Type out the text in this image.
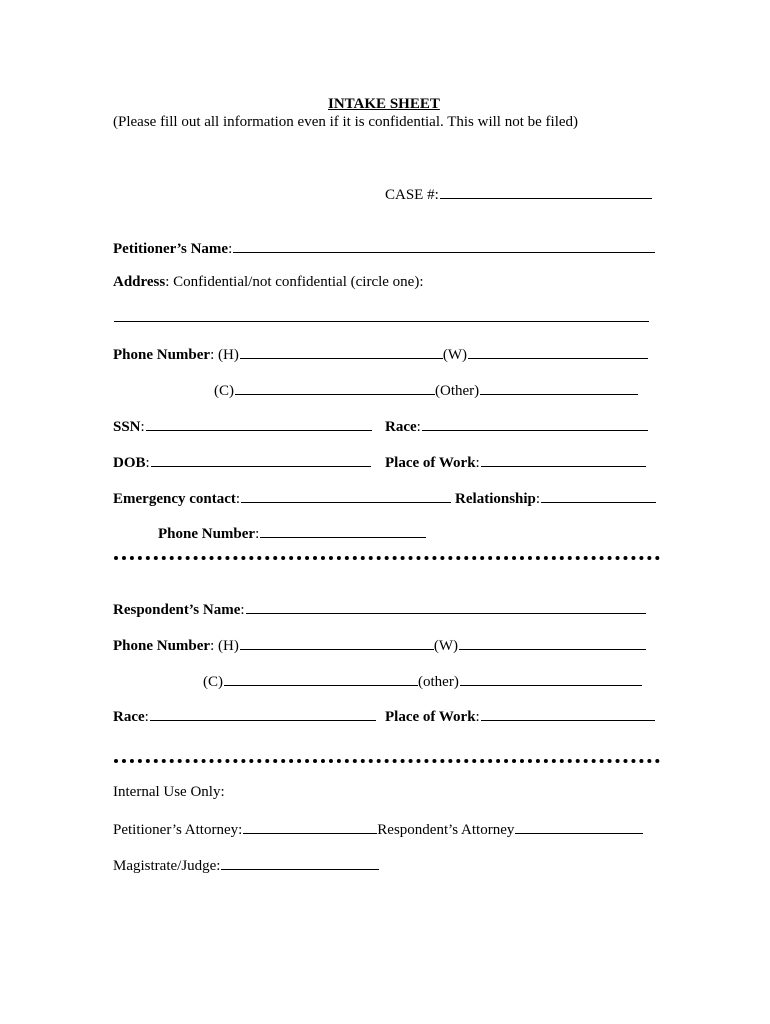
INTAKE SHEET
(Please fill out all information even if it is confidential. This will not be filed)
CASE #:
Petitioner’s Name :
Address : Confidential/not confidential (circle one):
Phone Number : (H)	(W)
(C)	(Other)
SSN :	Race :
DOB :	Place of Work :
Emergency contact :	Relationship :
Phone Number :
Respondent’s Name :
Phone Number : (H)	(W)
(C)	(other)
Race :	Place of Work :
Internal Use Only:
Petitioner’s Attorney:	Respondent’s Attorney
Magistrate/Judge:
